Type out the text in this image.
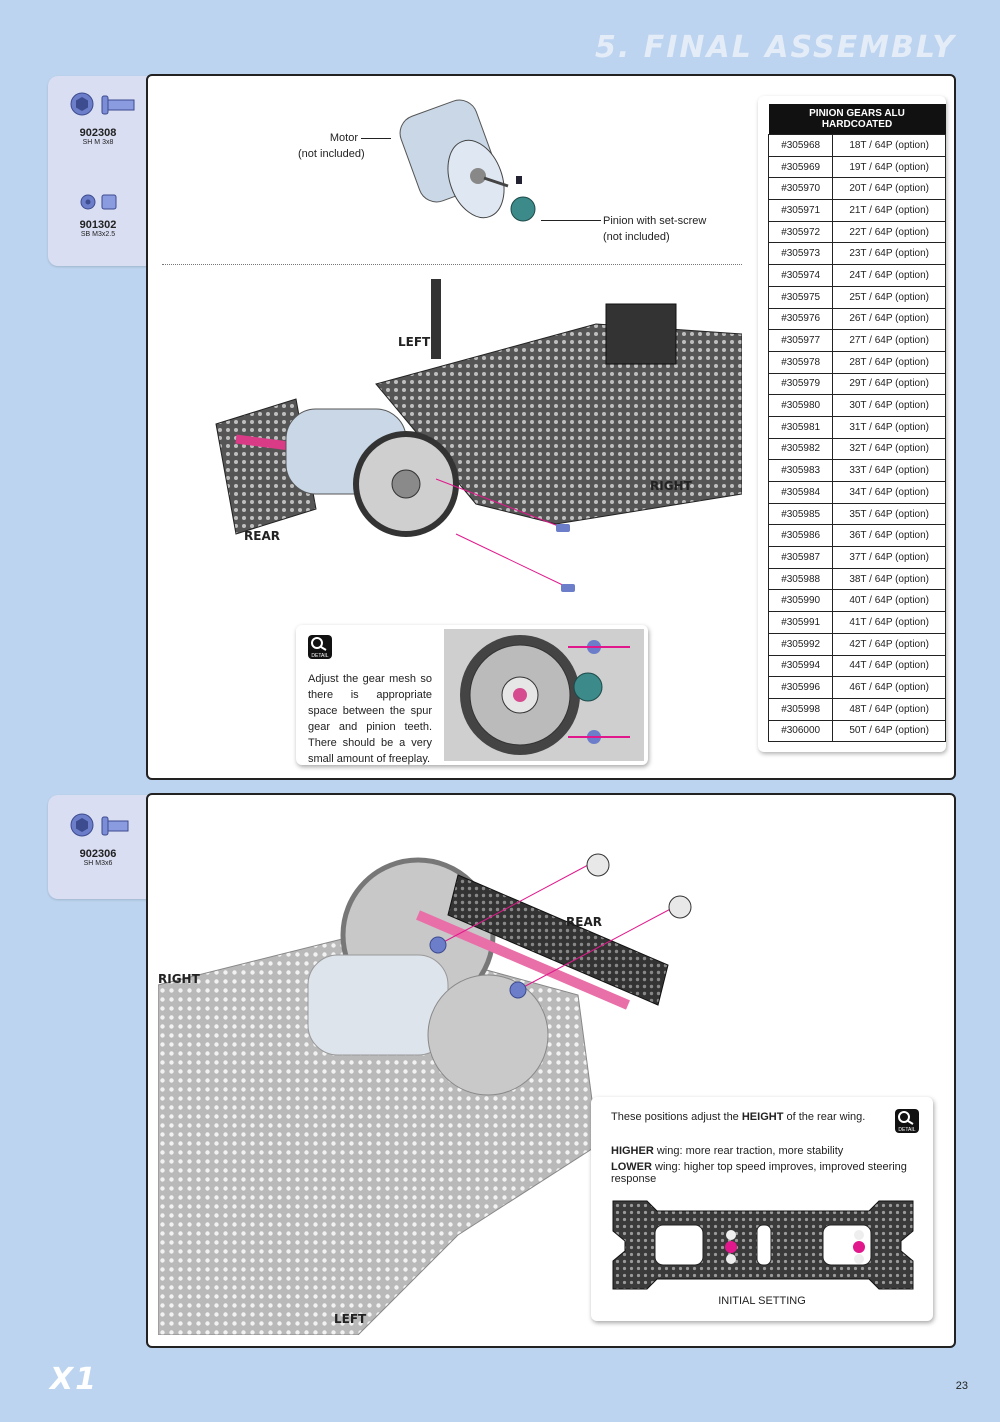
5. FINAL ASSEMBLY
902308
SH M 3x8
901302
SB M3x2.5
Motor
(not included)
Pinion with set-screw
(not included)
LEFT
RIGHT
REAR
DETAIL
Adjust the gear mesh so there is appropriate space between the spur gear and pinion teeth. There should be a very small amount of freeplay.
PINION GEARS ALU HARDCOATED	
#305968	18T / 64P (option)
#305969	19T / 64P (option)
#305970	20T / 64P (option)
#305971	21T / 64P (option)
#305972	22T / 64P (option)
#305973	23T / 64P (option)
#305974	24T / 64P (option)
#305975	25T / 64P (option)
#305976	26T / 64P (option)
#305977	27T / 64P (option)
#305978	28T / 64P (option)
#305979	29T / 64P (option)
#305980	30T / 64P (option)
#305981	31T / 64P (option)
#305982	32T / 64P (option)
#305983	33T / 64P (option)
#305984	34T / 64P (option)
#305985	35T / 64P (option)
#305986	36T / 64P (option)
#305987	37T / 64P (option)
#305988	38T / 64P (option)
#305990	40T / 64P (option)
#305991	41T / 64P (option)
#305992	42T / 64P (option)
#305994	44T / 64P (option)
#305996	46T / 64P (option)
#305998	48T / 64P (option)
#306000	50T / 64P (option)
902306
SH M3x6
REAR
RIGHT
LEFT
These positions adjust the HEIGHT of the rear wing.
DETAIL
HIGHER wing: more rear traction, more stability
LOWER wing: higher top speed improves, improved steering response
INITIAL SETTING
X1	23
